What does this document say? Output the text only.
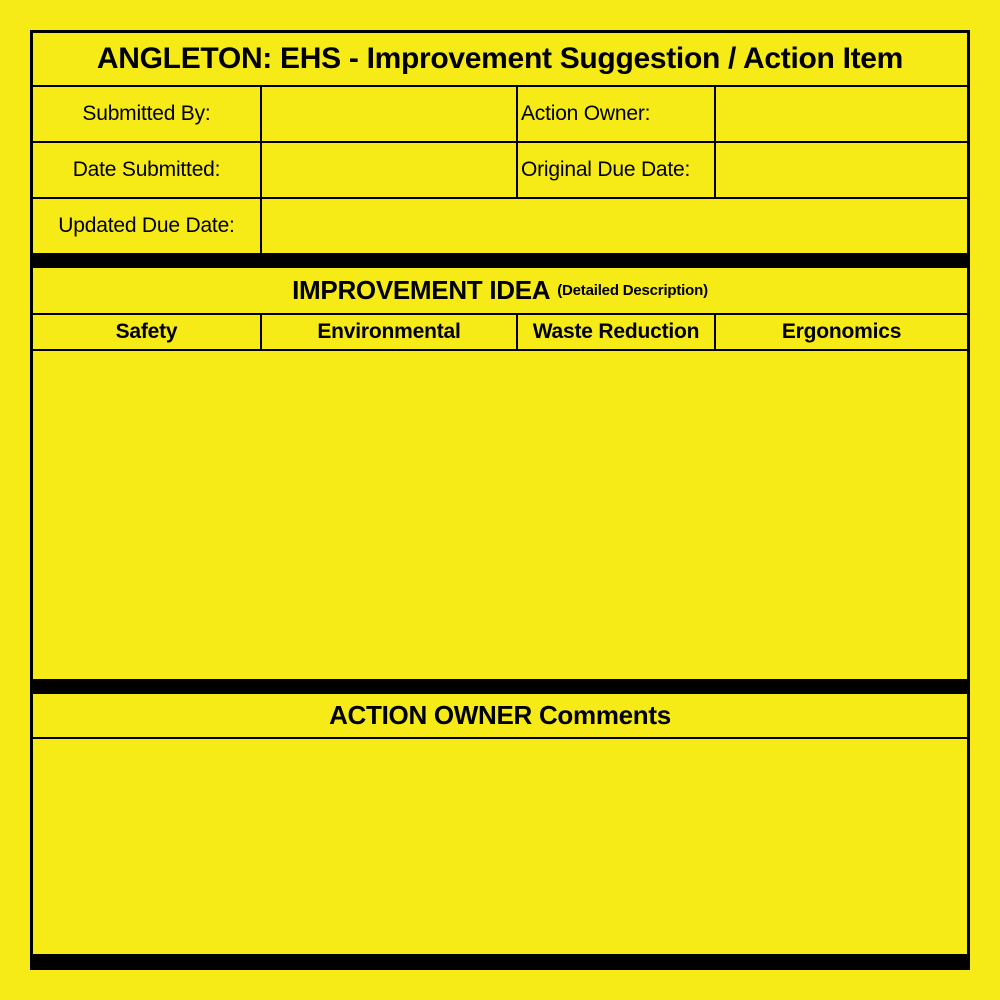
ANGLETON: EHS - Improvement Suggestion / Action Item
Submitted By:	Action Owner:
Date Submitted:	Original Due Date:
Updated Due Date:
IMPROVEMENT IDEA (Detailed Description)
Safety	Environmental	Waste Reduction	Ergonomics
ACTION OWNER Comments
